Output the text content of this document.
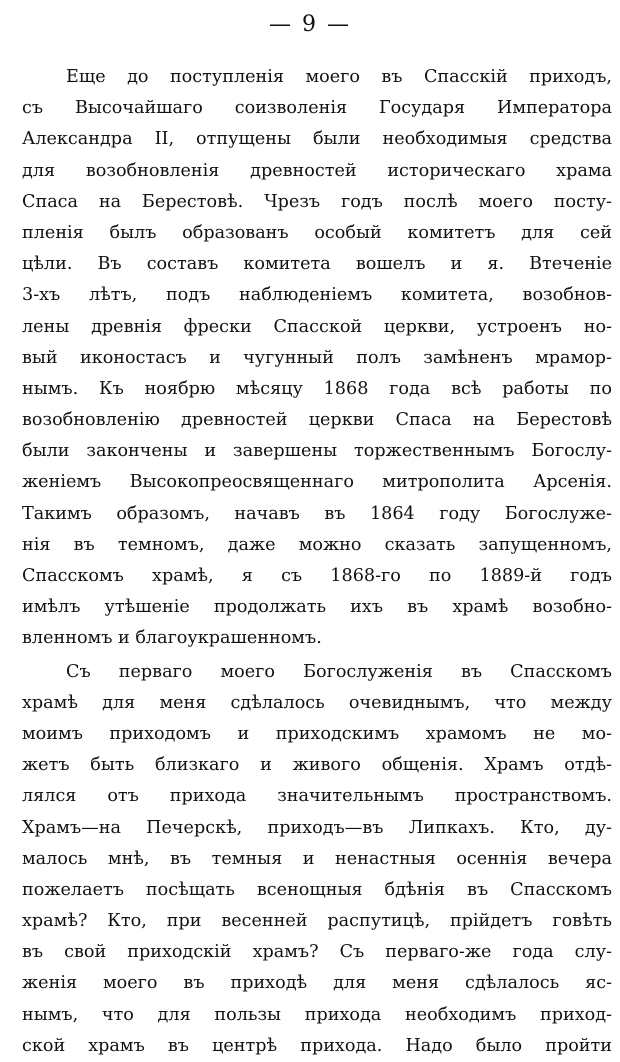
— 9 —
Еще до поступленія моего въ Спасскій приходъ,
съ Высочайшаго соизволенія Государя Императора
Александра II, отпущены были необходимыя средства
для возобновленія древностей историческаго храма
Спаса на Берестовѣ. Чрезъ годъ послѣ моего посту-
пленія былъ образованъ особый комитетъ для сей
цѣли. Въ составъ комитета вошелъ и я. Втеченіе
3-хъ лѣтъ, подъ наблюденіемъ комитета, возобнов-
лены древнія фрески Спасской церкви, устроенъ но-
вый иконостасъ и чугунный полъ замѣненъ мрамор-
нымъ. Къ ноябрю мѣсяцу 1868 года всѣ работы по
возобновленію древностей церкви Спаса на Берестовѣ
были закончены и завершены торжественнымъ Богослу-
женіемъ Высокопреосвященнаго митрополита Арсенія.
Такимъ образомъ, начавъ въ 1864 году Богослуже-
нія въ темномъ, даже можно сказать запущенномъ,
Спасскомъ храмѣ, я съ 1868-го по 1889-й годъ
имѣлъ утѣшеніе продолжать ихъ въ храмѣ возобно-
вленномъ и благоукрашенномъ.
Съ перваго моего Богослуженія въ Спасскомъ
храмѣ для меня сдѣлалось очевиднымъ, что между
моимъ приходомъ и приходскимъ храмомъ не мо-
жетъ быть близкаго и живого общенія. Храмъ отдѣ-
лялся отъ прихода значительнымъ пространствомъ.
Храмъ—на Печерскѣ, приходъ—въ Липкахъ. Кто, ду-
малось мнѣ, въ темныя и ненастныя осеннія вечера
пожелаетъ посѣщать всенощныя бдѣнія въ Спасскомъ
храмѣ? Кто, при весенней распутицѣ, прійдетъ говѣть
въ свой приходскій храмъ? Съ перваго-же года слу-
женія моего въ приходѣ для меня сдѣлалось яс-
нымъ, что для пользы прихода необходимъ приход-
ской храмъ въ центрѣ прихода. Надо было пройти
